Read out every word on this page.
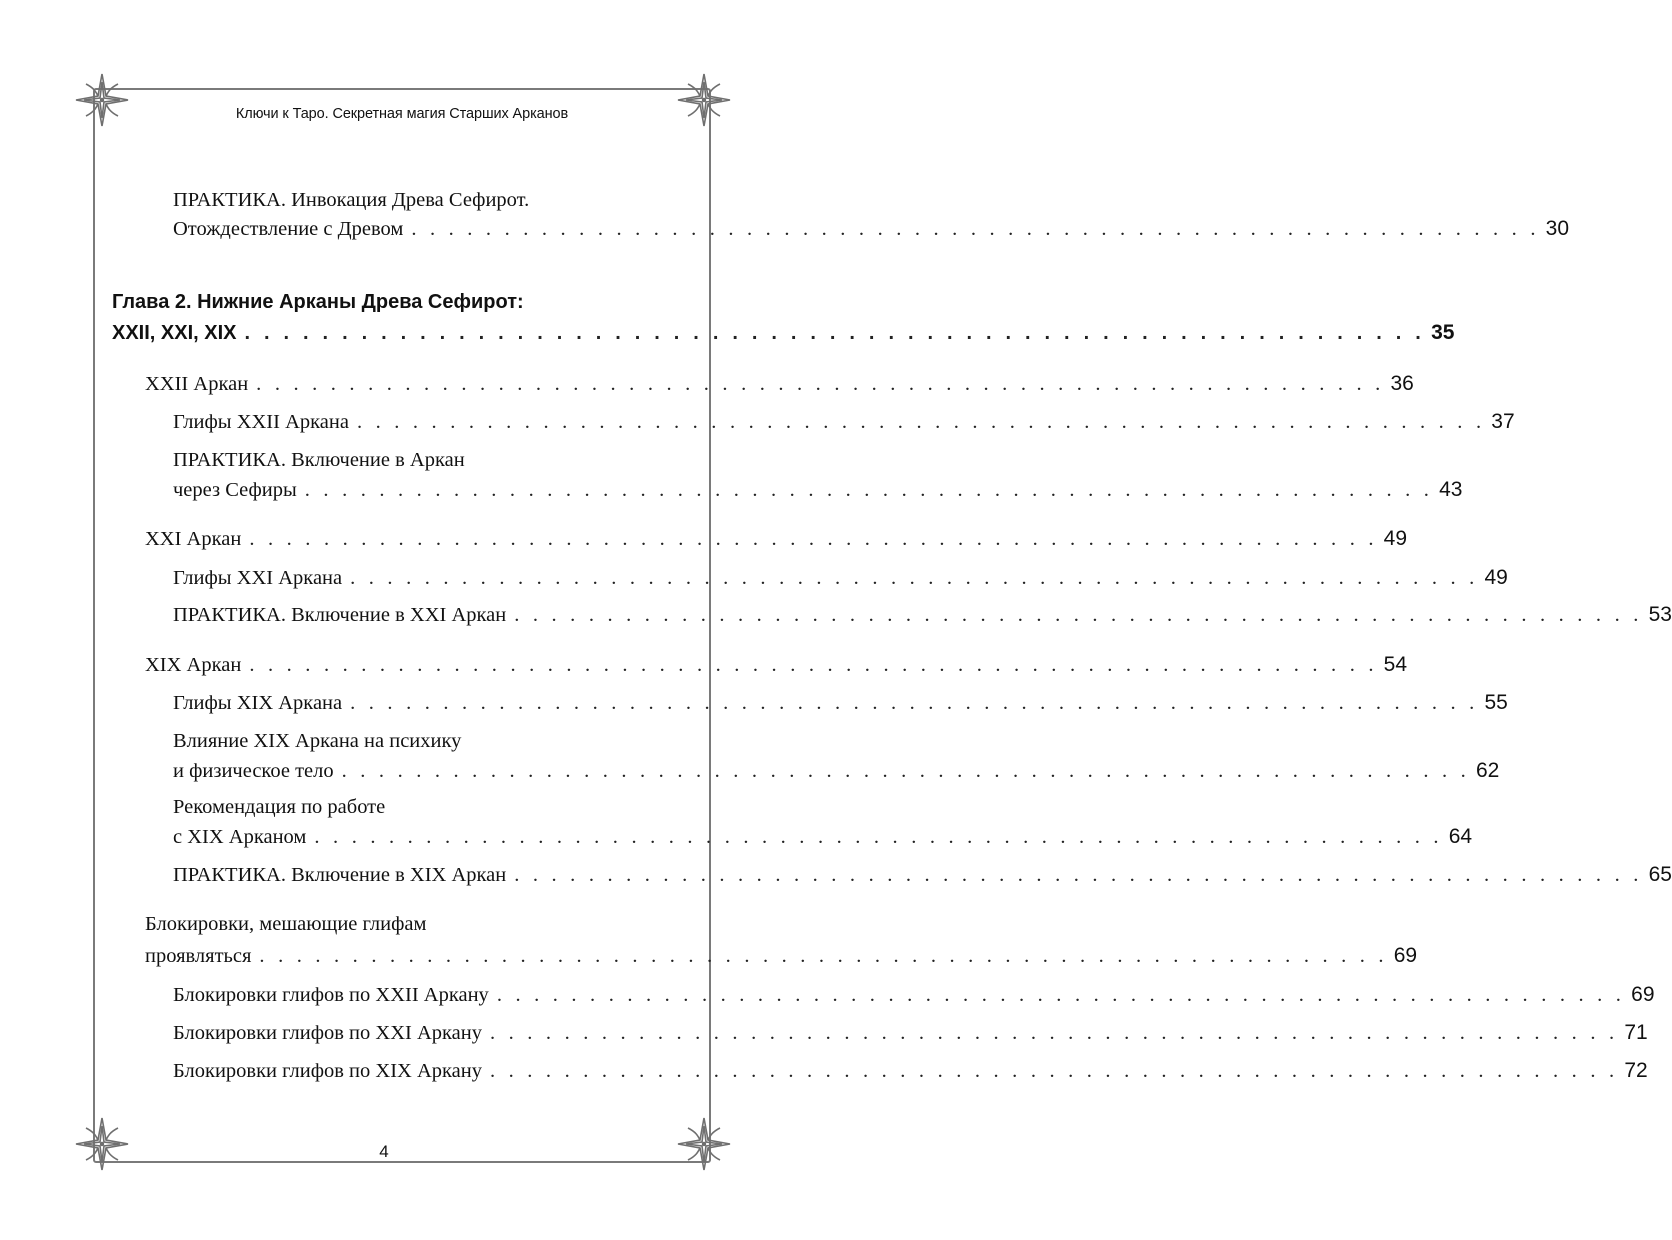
Ключи к Таро. Секретная магия Старших Арканов
ПРАКТИКА. Инвокация Древа Сефирот.
Отождествление с Древом . . . . . . . . . . . . . . . . . . . . . . . . . . . . . . . . . . . . . . . . . . . . . . . . . . . . . . . . . . . . . 30
Глава 2. Нижние Арканы Древа Сефирот:
XXII, XXI, XIX . . . . . . . . . . . . . . . . . . . . . . . . . . . . . . . . . . . . . . . . . . . . . . . . . . . . . . . . . . . . . 35
XXII Аркан . . . . . . . . . . . . . . . . . . . . . . . . . . . . . . . . . . . . . . . . . . . . . . . . . . . . . . . . . . . . . 36
Глифы XXII Аркана . . . . . . . . . . . . . . . . . . . . . . . . . . . . . . . . . . . . . . . . . . . . . . . . . . . . . . . . . . . . . 37
ПРАКТИКА. Включение в Аркан
через Сефиры . . . . . . . . . . . . . . . . . . . . . . . . . . . . . . . . . . . . . . . . . . . . . . . . . . . . . . . . . . . . . 43
XXI Аркан . . . . . . . . . . . . . . . . . . . . . . . . . . . . . . . . . . . . . . . . . . . . . . . . . . . . . . . . . . . . . 49
Глифы XXI Аркана . . . . . . . . . . . . . . . . . . . . . . . . . . . . . . . . . . . . . . . . . . . . . . . . . . . . . . . . . . . . . 49
ПРАКТИКА. Включение в XXI Аркан . . . . . . . . . . . . . . . . . . . . . . . . . . . . . . . . . . . . . . . . . . . . . . . . . . . . . . . . . . . . . 53
XIX Аркан . . . . . . . . . . . . . . . . . . . . . . . . . . . . . . . . . . . . . . . . . . . . . . . . . . . . . . . . . . . . . 54
Глифы XIX Аркана . . . . . . . . . . . . . . . . . . . . . . . . . . . . . . . . . . . . . . . . . . . . . . . . . . . . . . . . . . . . . 55
Влияние XIX Аркана на психику
и физическое тело . . . . . . . . . . . . . . . . . . . . . . . . . . . . . . . . . . . . . . . . . . . . . . . . . . . . . . . . . . . . . 62
Рекомендация по работе
с XIX Арканом . . . . . . . . . . . . . . . . . . . . . . . . . . . . . . . . . . . . . . . . . . . . . . . . . . . . . . . . . . . . . 64
ПРАКТИКА. Включение в XIX Аркан . . . . . . . . . . . . . . . . . . . . . . . . . . . . . . . . . . . . . . . . . . . . . . . . . . . . . . . . . . . . . 65
Блокировки, мешающие глифам
проявляться . . . . . . . . . . . . . . . . . . . . . . . . . . . . . . . . . . . . . . . . . . . . . . . . . . . . . . . . . . . . . 69
Блокировки глифов по XXII Аркану . . . . . . . . . . . . . . . . . . . . . . . . . . . . . . . . . . . . . . . . . . . . . . . . . . . . . . . . . . . . . 69
Блокировки глифов по XXI Аркану . . . . . . . . . . . . . . . . . . . . . . . . . . . . . . . . . . . . . . . . . . . . . . . . . . . . . . . . . . . . . 71
Блокировки глифов по XIX Аркану . . . . . . . . . . . . . . . . . . . . . . . . . . . . . . . . . . . . . . . . . . . . . . . . . . . . . . . . . . . . . 72
4
